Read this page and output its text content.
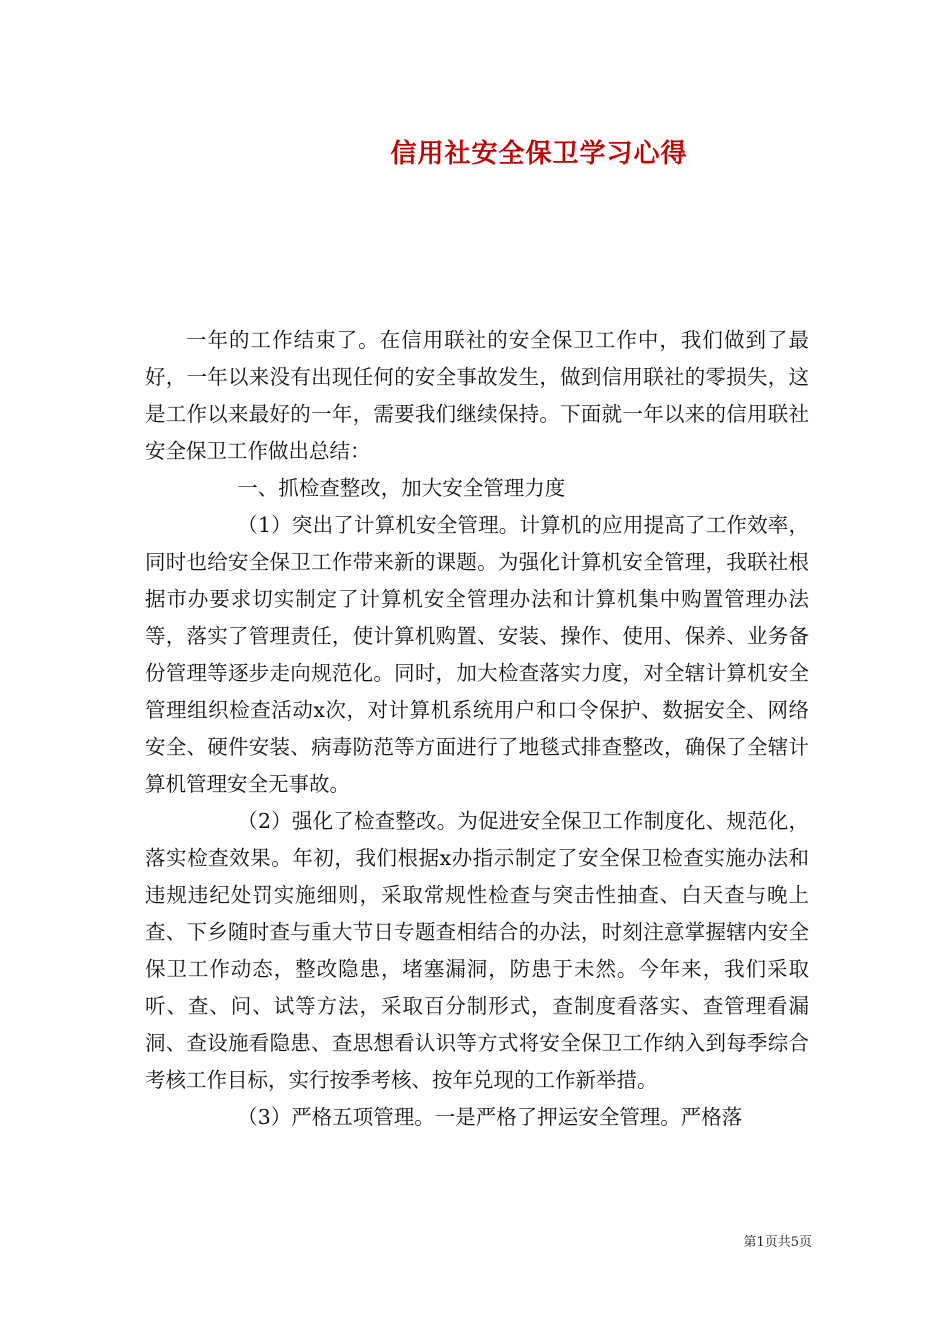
信用社安全保卫学习心得

一年的工作结束了。在信用联社的安全保卫工作中，我们做到了最好，一年以来没有出现任何的安全事故发生，做到信用联社的零损失，这是工作以来最好的一年，需要我们继续保持。下面就一年以来的信用联社安全保卫工作做出总结：

一、抓检查整改，加大安全管理力度

（1）突出了计算机安全管理。计算机的应用提高了工作效率，同时也给安全保卫工作带来新的课题。为强化计算机安全管理，我联社根据市办要求切实制定了计算机安全管理办法和计算机集中购置管理办法等，落实了管理责任，使计算机购置、安装、操作、使用、保养、业务备份管理等逐步走向规范化。同时，加大检查落实力度，对全辖计算机安全管理组织检查活动x次，对计算机系统用户和口令保护、数据安全、网络安全、硬件安装、病毒防范等方面进行了地毯式排查整改，确保了全辖计算机管理安全无事故。

（2）强化了检查整改。为促进安全保卫工作制度化、规范化，落实检查效果。年初，我们根据x办指示制定了安全保卫检查实施办法和违规违纪处罚实施细则，采取常规性检查与突击性抽查、白天查与晚上查、下乡随时查与重大节日专题查相结合的办法，时刻注意掌握辖内安全保卫工作动态，整改隐患，堵塞漏洞，防患于未然。今年来，我们采取听、查、问、试等方法，采取百分制形式，查制度看落实、查管理看漏洞、查设施看隐患、查思想看认识等方式将安全保卫工作纳入到每季综合考核工作目标，实行按季考核、按年兑现的工作新举措。

（3）严格五项管理。一是严格了押运安全管理。严格落

第1页共5页
